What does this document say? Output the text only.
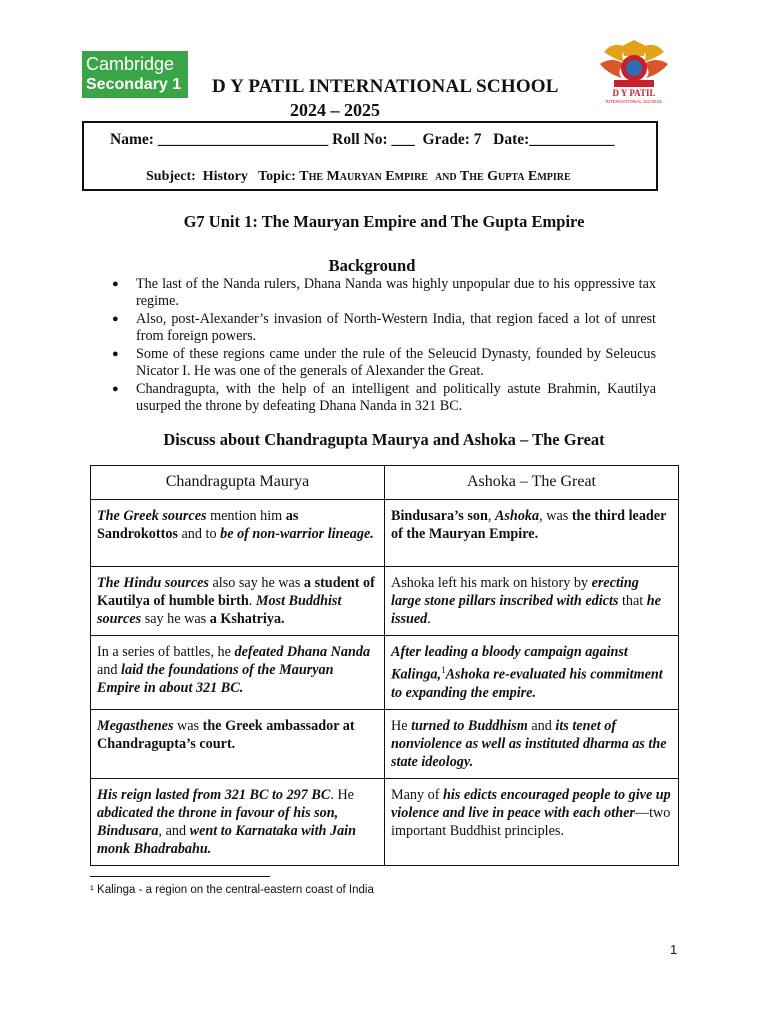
Cambridge
Secondary 1 D Y PATIL INTERNATIONAL SCHOOL
2024 – 2025
D Y PATIL
INTERNATIONAL SCHOOL
Name: ______________________ Roll No: ___  Grade: 7   Date:___________
Subject:  History   Topic: The Mauryan Empire  and The Gupta Empire
G7 Unit 1: The Mauryan Empire and The Gupta Empire
Background
● The last of the Nanda rulers, Dhana Nanda was highly unpopular due to his oppressive tax regime.
● Also, post-Alexander’s invasion of North-Western India, that region faced a lot of unrest from foreign powers.
● Some of these regions came under the rule of the Seleucid Dynasty, founded by Seleucus Nicator I. He was one of the generals of Alexander the Great.
● Chandragupta, with the help of an intelligent and politically astute Brahmin, Kautilya usurped the throne by defeating Dhana Nanda in 321 BC.
Discuss about Chandragupta Maurya and Ashoka – The Great
Chandragupta Maurya	Ashoka – The Great
The Greek sources mention him as Sandrokottos and to be of non-warrior lineage.	Bindusara’s son, Ashoka, was the third leader of the Mauryan Empire.
The Hindu sources also say he was a student of Kautilya of humble birth. Most Buddhist sources say he was a Kshatriya.	Ashoka left his mark on history by erecting large stone pillars inscribed with edicts that he issued.
In a series of battles, he defeated Dhana Nanda and laid the foundations of the Mauryan Empire in about 321 BC.	After leading a bloody campaign against Kalinga,$^1$Ashoka re-evaluated his commitment to expanding the empire.
Megasthenes was the Greek ambassador at Chandragupta’s court.	He turned to Buddhism and its tenet of nonviolence as well as instituted dharma as the state ideology.
His reign lasted from 321 BC to 297 BC. He abdicated the throne in favour of his son, Bindusara, and went to Karnataka with Jain monk Bhadrabahu.	Many of his edicts encouraged people to give up violence and live in peace with each other—two important Buddhist principles.
¹ Kalinga - a region on the central-eastern coast of India
1
